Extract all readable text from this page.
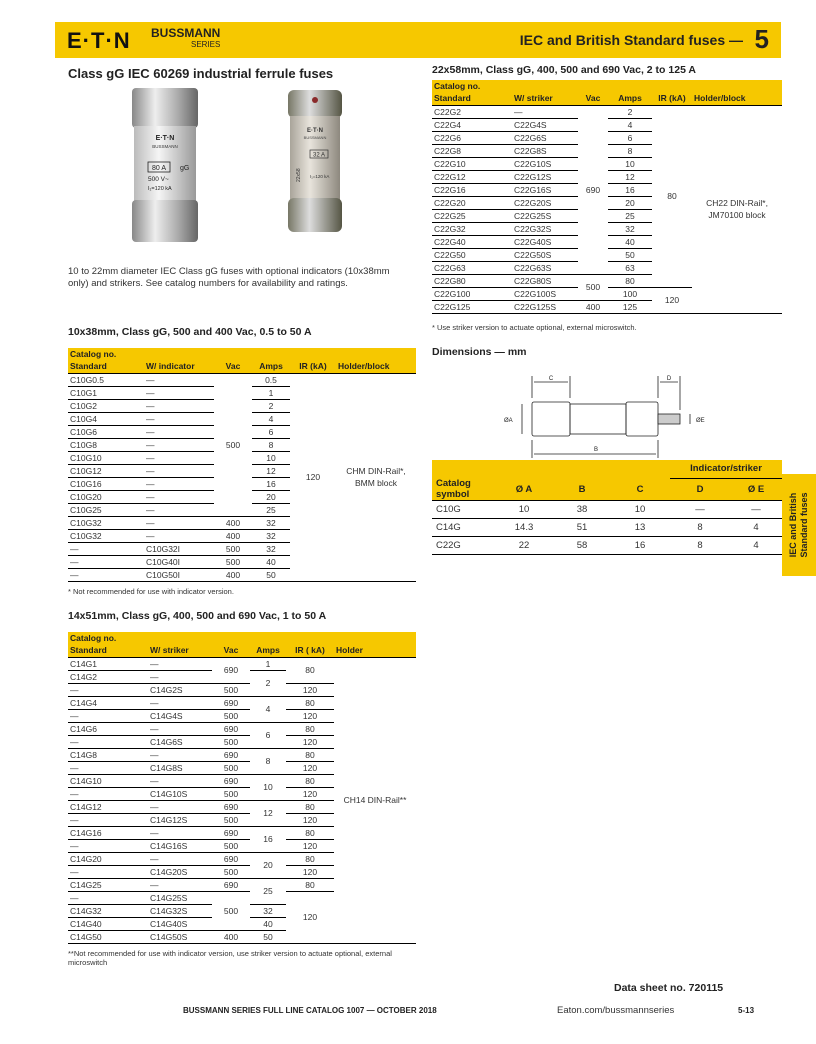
E·T·N BUSSMANN
SERIES	IEC and British Standard fuses — 5
Class gG IEC 60269 industrial ferrule fuses
E·T·N
BUSSMANN
80 A gG
500 V~
I₁=120 kA
E·T·N
BUSSMANN
32 A
22x58 I₁=120 kA
10 to 22mm diameter IEC Class gG fuses with optional indicators (10x38mm only) and strikers. See catalog numbers for availability and ratings.
10x38mm, Class gG, 500 and 400 Vac, 0.5 to 50 A
Catalog no.					
Standard	W/ indicator	Vac	Amps	IR (kA)	Holder/block
C10G0.5	—	500	0.5	120	CHM DIN-Rail*, BMM block
C10G1	—		1		
C10G2	—		2		
C10G4	—		4		
C10G6	—		6		
C10G8	—		8		
C10G10	—		10		
C10G12	—		12		
C10G16	—		16		
C10G20	—		20		
C10G25	—		25		
C10G32	—	400	32		
C10G32	—	400	32		
—	C10G32I	500	32		
—	C10G40I	500	40		
—	C10G50I	400	50		
* Not recommended for use with indicator version.
14x51mm, Class gG, 400, 500 and 690 Vac, 1 to 50 A
Catalog no.					
Standard	W/ striker	Vac	Amps	IR ( kA)	Holder
C14G1	—	690	1	80	CH14 DIN-Rail**
C14G2	—		2		
—	C14G2S	500		120	
C14G4	—	690	4	80	
—	C14G4S	500		120	
C14G6	—	690	6	80	
—	C14G6S	500		120	
C14G8	—	690	8	80	
—	C14G8S	500		120	
C14G10	—	690	10	80	
—	C14G10S	500		120	
C14G12	—	690	12	80	
—	C14G12S	500		120	
C14G16	—	690	16	80	
—	C14G16S	500		120	
C14G20	—	690	20	80	
—	C14G20S	500		120	
C14G25	—	690	25	80	
—	C14G25S	500		120	
C14G32	C14G32S		32		
C14G40	C14G40S		40		
C14G50	C14G50S	400	50		
**Not recommended for use with indicator version, use striker version to actuate optional, external microswitch
22x58mm, Class gG, 400, 500 and 690 Vac, 2 to 125 A
Catalog no.					
Standard	W/ striker	Vac	Amps	IR (kA)	Holder/block
C22G2	—	690	2	80	CH22 DIN-Rail*, JM70100 block
C22G4	C22G4S		4		
C22G6	C22G6S		6		
C22G8	C22G8S		8		
C22G10	C22G10S		10		
C22G12	C22G12S		12		
C22G16	C22G16S		16		
C22G20	C22G20S		20		
C22G25	C22G25S		25		
C22G32	C22G32S		32		
C22G40	C22G40S		40		
C22G50	C22G50S		50		
C22G63	C22G63S		63		
C22G80	C22G80S	500	80		
C22G100	C22G100S		100	120	
C22G125	C22G125S	400	125		
* Use striker version to actuate optional, external microswitch.
Dimensions — mm
C	D
B
ØA	ØE
				Indicator/striker	
Catalog symbol	Ø A	B	C	D	Ø E
C10G	10	38	10	—	—
C14G	14.3	51	13	8	4
C22G	22	58	16	8	4	IEC and British Standard fuses
Data sheet no. 720115
BUSSMANN SERIES FULL LINE CATALOG 1007 — OCTOBER 2018	Eaton.com/bussmannseries	5-13
